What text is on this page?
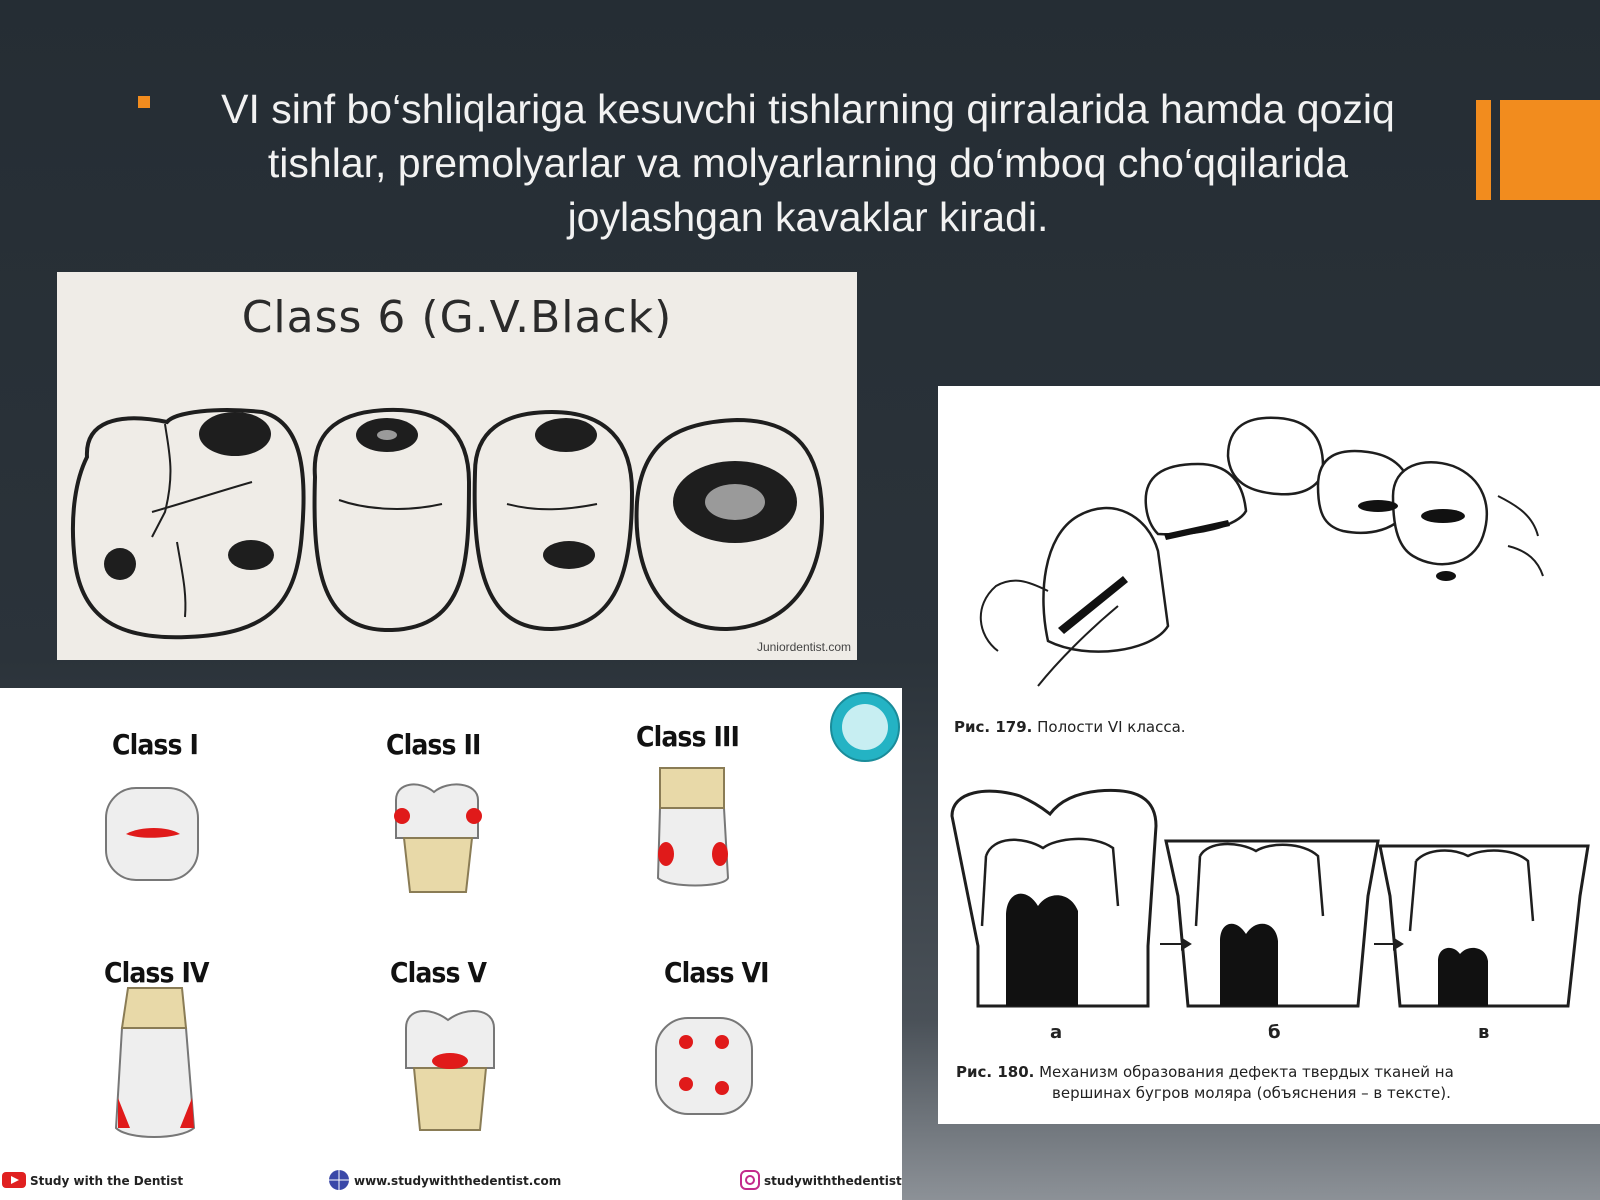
VI sinf bo‘shliqlariga kesuvchi tishlarning qirralarida hamda qoziq tishlar, premolyarlar va molyarlarning do‘mboq cho‘qqilarida joylashgan kavaklar kiradi.

Class 6 (G.V.Black)
Juniordentist.com
Class I	Class II	Class III
Class IV	Class V	Class VI
Study with the Dentist	www.studywiththedentist.com	studywiththedentist
Рис. 179. Полости VI класса.
а	б	в
Рис. 180. Механизм образования дефекта твердых тканей на
вершинах бугров моляра (объяснения – в тексте).
